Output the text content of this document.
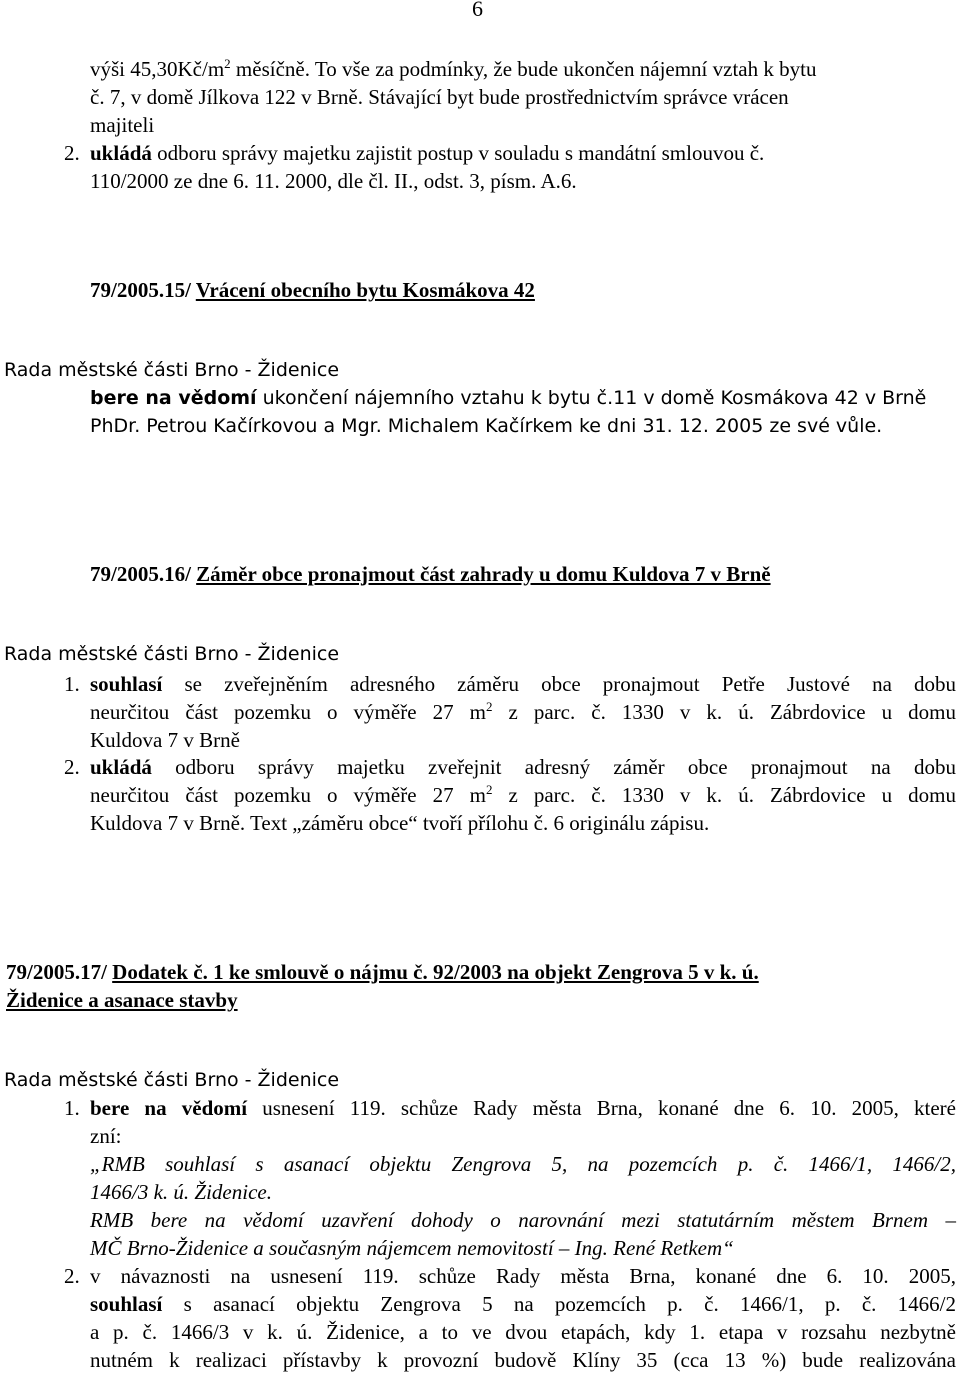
6
výši $45,30Kč/m^2$ měsíčně. To vše za podmínky, že bude ukončen nájemní vztah k bytu
č. 7, v domě Jílkova 122 v Brně. Stávající byt bude prostřednictvím správce vrácen
majiteli
2. ukládá odboru správy majetku zajistit postup v souladu s mandátní smlouvou č.
110/2000 ze dne 6. 11. 2000, dle čl. II., odst. 3, písm. A.6.
79/2005.15/ Vrácení obecního bytu Kosmákova 42
Rada městské části Brno - Židenice
bere na vědomí ukončení nájemního vztahu k bytu č.11 v domě Kosmákova 42 v Brně
PhDr. Petrou Kačírkovou a Mgr. Michalem Kačírkem ke dni 31. 12. 2005 ze své vůle.
79/2005.16/ Záměr obce pronajmout část zahrady u domu Kuldova 7 v Brně
Rada městské části Brno - Židenice
1. souhlasí se zveřejněním adresného záměru obce pronajmout Petře Justové na dobu
neurčitou část pozemku o výměře 27 $m^2$ z parc. č. 1330 v k. ú. Zábrdovice u domu
Kuldova 7 v Brně
2. ukládá odboru správy majetku zveřejnit adresný záměr obce pronajmout na dobu
neurčitou část pozemku o výměře 27 $m^2$ z parc. č. 1330 v k. ú. Zábrdovice u domu
Kuldova 7 v Brně. Text „záměru obce“ tvoří přílohu č. 6 originálu zápisu.
79/2005.17/ Dodatek č. 1 ke smlouvě o nájmu č. 92/2003 na objekt Zengrova 5 v k. ú.
Židenice a asanace stavby
Rada městské části Brno - Židenice
1. bere na vědomí usnesení 119. schůze Rady města Brna, konané dne 6. 10. 2005, které
zní:
„RMB souhlasí s asanací objektu Zengrova 5, na pozemcích p. č. 1466/1, 1466/2,
1466/3 k. ú. Židenice.
RMB bere na vědomí uzavření dohody o narovnání mezi statutárním městem Brnem –
MČ Brno-Židenice a současným nájemcem nemovitostí – Ing. René Retkem“
2. v návaznosti na usnesení 119. schůze Rady města Brna, konané dne 6. 10. 2005,
souhlasí s asanací objektu Zengrova 5 na pozemcích p. č. 1466/1, p. č. 1466/2
a p. č. 1466/3 v k. ú. Židenice, a to ve dvou etapách, kdy 1. etapa v rozsahu nezbytně
nutném k realizaci přístavby k provozní budově Klíny 35 (cca 13 %) bude realizována
